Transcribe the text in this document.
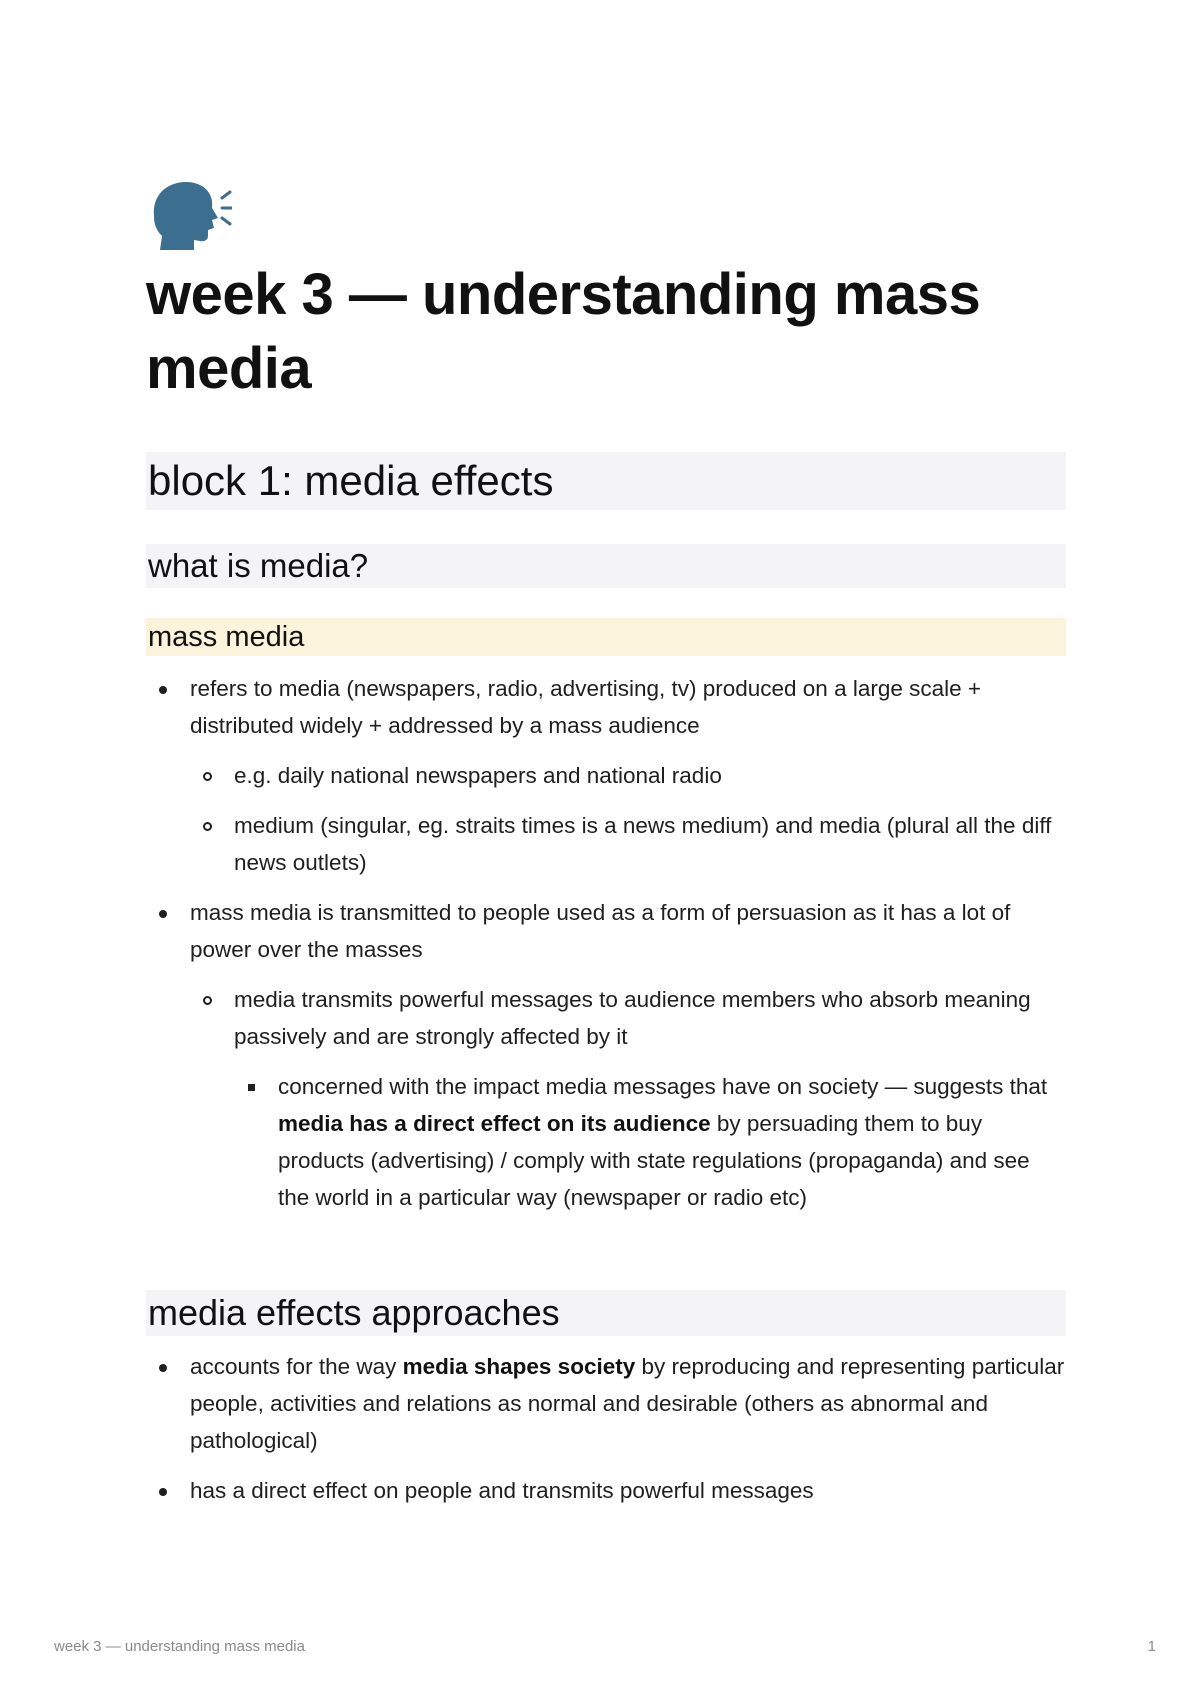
week 3 — understanding mass media
block 1: media effects
what is media?
mass media
refers to media (newspapers, radio, advertising, tv) produced on a large scale + distributed widely + addressed by a mass audience
e.g. daily national newspapers and national radio
medium (singular, eg. straits times is a news medium) and media (plural all the diff news outlets)
mass media is transmitted to people used as a form of persuasion as it has a lot of power over the masses
media transmits powerful messages to audience members who absorb meaning passively and are strongly affected by it
concerned with the impact media messages have on society — suggests that media has a direct effect on its audience by persuading them to buy products (advertising) / comply with state regulations (propaganda) and see the world in a particular way (newspaper or radio etc)
media effects approaches
accounts for the way media shapes society by reproducing and representing particular people, activities and relations as normal and desirable (others as abnormal and pathological)
has a direct effect on people and transmits powerful messages
week 3 — understanding mass media	1
